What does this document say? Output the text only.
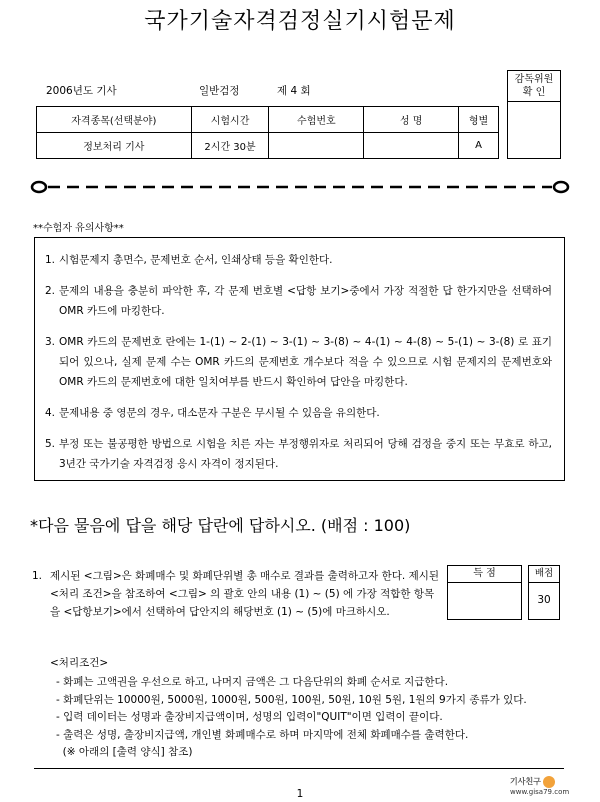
국가기술자격검정실기시험문제
2006년도 기사	일반검정	제 4 회
자격종목(선택분야)	시험시간	수험번호	성 명	형별
정보처리 기사	2시간 30분			A
감독위원
확 인
**수험자 유의사항**
1. 시험문제지 총면수, 문제번호 순서, 인쇄상태 등을 확인한다.
2. 문제의 내용을 충분히 파악한 후, 각 문제 번호별 <답항 보기>중에서 가장 적절한 답 한가지만을 선택하여 OMR 카드에 마킹한다.
3. OMR 카드의 문제번호 란에는 1-(1) ~ 2-(1) ~ 3-(1) ~ 3-(8) ~ 4-(1) ~ 4-(8) ~ 5-(1) ~ 3-(8) 로 표기 되어 있으나, 실제 문제 수는 OMR 카드의 문제번호 개수보다 적을 수 있으므로 시험 문제지의 문제번호와 OMR 카드의 문제번호에 대한 일치여부를 반드시 확인하여 답안을 마킹한다.
4. 문제내용 중 영문의 경우, 대소문자 구분은 무시될 수 있음을 유의한다.
5. 부정 또는 불공평한 방법으로 시험을 치른 자는 부정행위자로 처리되어 당해 검정을 중지 또는 무효로 하고, 3년간 국가기술 자격검정 응시 자격이 정지된다.
*다음 물음에 답을 해당 답란에 답하시오. (배점 : 100)
1. 제시된 <그림>은 화폐매수 및 화폐단위별 총 매수로 결과를 출력하고자 한다. 제시된 <처리 조건>을 참조하여 <그림> 의 괄호 안의 내용 (1) ~ (5) 에 가장 적합한 항목을 <답항보기>에서 선택하여 답안지의 해당번호 (1) ~ (5)에 마크하시오.
득 점	배점
30
<처리조건>
- 화폐는 고액권을 우선으로 하고, 나머지 금액은 그 다음단위의 화폐 순서로 지급한다.
- 화폐단위는 10000원, 5000원, 1000원, 500원, 100원, 50원, 10원 5원, 1원의 9가지 종류가 있다.
- 입력 데이터는 성명과 출장비지급액이며, 성명의 입력이"QUIT"이면 입력이 끝이다.
- 출력은 성명, 출장비지급액, 개인별 화폐매수로 하며 마지막에 전체 화폐매수를 출력한다.
(※ 아래의 [출력 양식] 참조)
1
기사친구
www.gisa79.com
